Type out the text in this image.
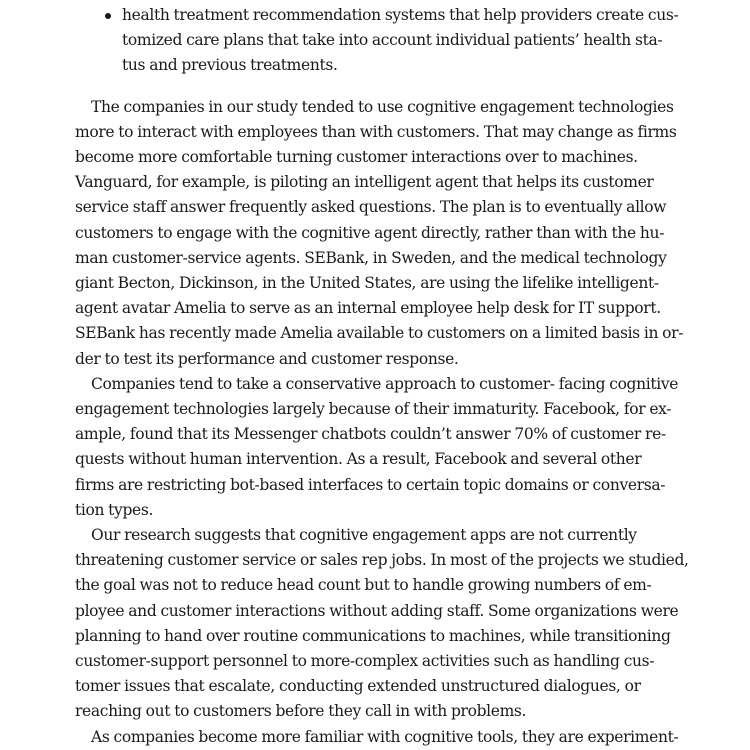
health treatment recommendation systems that help providers create cus-
tomized care plans that take into account individual patients’ health sta-
tus and previous treatments.

The companies in our study tended to use cognitive engagement technologies
more to interact with employees than with customers. That may change as firms
become more comfortable turning customer interactions over to machines.
Vanguard, for example, is piloting an intelligent agent that helps its customer
service staff answer frequently asked questions. The plan is to eventually allow
customers to engage with the cognitive agent directly, rather than with the hu-
man customer-service agents. SEBank, in Sweden, and the medical technology
giant Becton, Dickinson, in the United States, are using the lifelike intelligent-
agent avatar Amelia to serve as an internal employee help desk for IT support.
SEBank has recently made Amelia available to customers on a limited basis in or-
der to test its performance and customer response.

Companies tend to take a conservative approach to customer- facing cognitive
engagement technologies largely because of their immaturity. Facebook, for ex-
ample, found that its Messenger chatbots couldn’t answer 70% of customer re-
quests without human intervention. As a result, Facebook and several other
firms are restricting bot-based interfaces to certain topic domains or conversa-
tion types.

Our research suggests that cognitive engagement apps are not currently
threatening customer service or sales rep jobs. In most of the projects we studied,
the goal was not to reduce head count but to handle growing numbers of em-
ployee and customer interactions without adding staff. Some organizations were
planning to hand over routine communications to machines, while transitioning
customer-support personnel to more-complex activities such as handling cus-
tomer issues that escalate, conducting extended unstructured dialogues, or
reaching out to customers before they call in with problems.

As companies become more familiar with cognitive tools, they are experiment-
